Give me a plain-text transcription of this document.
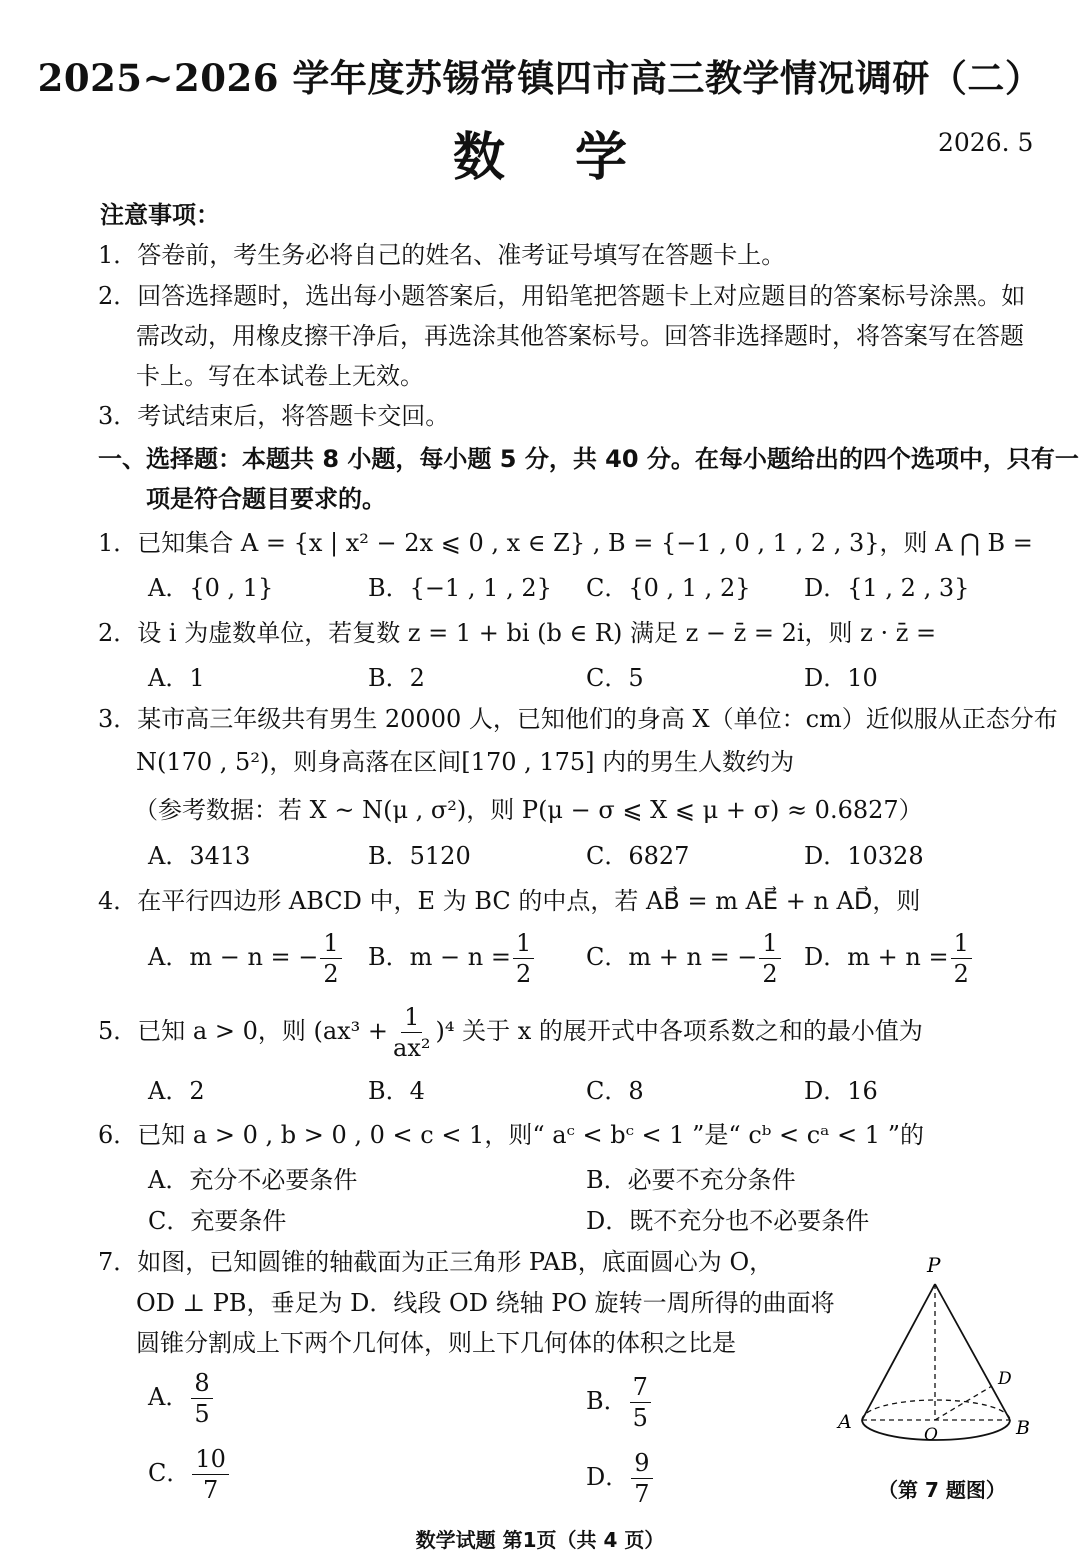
2025~2026 学年度苏锡常镇四市高三教学情况调研（二）
数学	2026. 5
注意事项：
1．答卷前，考生务必将自己的姓名、准考证号填写在答题卡上。
2．回答选择题时，选出每小题答案后，用铅笔把答题卡上对应题目的答案标号涂黑。如
需改动，用橡皮擦干净后，再选涂其他答案标号。回答非选择题时，将答案写在答题
卡上。写在本试卷上无效。
3．考试结束后，将答题卡交回。
一、选择题：本题共 8 小题，每小题 5 分，共 40 分。在每小题给出的四个选项中，只有一
项是符合题目要求的。
1．已知集合 A = {x | x² − 2x ⩽ 0 , x ∈ Z} , B = {−1 , 0 , 1 , 2 , 3}，则 A ⋂ B =
A．{0 , 1}	B．{−1 , 1 , 2} C．{0 , 1 , 2} D．{1 , 2 , 3}
2．设 i 为虚数单位，若复数 z = 1 + bi (b ∈ R) 满足 z − z̄ = 2i，则 z · z̄ =
A．1	B．2	C．5	D．10
3．某市高三年级共有男生 20000 人，已知他们的身高 X（单位：cm）近似服从正态分布
N(170 , 5²)，则身高落在区间[170 , 175] 内的男生人数约为
（参考数据：若 X ~ N(μ , σ²)，则 P(μ − σ ⩽ X ⩽ μ + σ) ≈ 0.6827）
A．3413	B．5120	C．6827	D．10328
4．在平行四边形 ABCD 中，E 为 BC 的中点，若 AB⃗ = m AE⃗ + n AD⃗，则
A．m − n = − $\frac{1}{2}$ B．$m - n = \frac{1}{2}$ C．m + n = − $\frac{1}{2}$ D．$m + n = \frac{1}{2}$
5．已知 a > 0，则 $(ax^3 + \frac{1}{\text{ax²}} )^4$ 关于 x 的展开式中各项系数之和的最小值为
A．2	B．4	C．8	D．16
6．已知 a > 0 , b > 0 , 0 < c < 1，则“ aᶜ < bᶜ < 1 ”是“ cᵇ < cᵃ < 1 ”的
A．充分不必要条件	B．必要不充分条件
C．充要条件	D．既不充分也不必要条件
7．如图，已知圆锥的轴截面为正三角形 PAB，底面圆心为 O，
OD ⊥ PB，垂足为 D．线段 OD 绕轴 PO 旋转一周所得的曲面将
圆锥分割成上下两个几何体，则上下几何体的体积之比是
A． $\frac{8}{5}$	B． $\frac{7}{5}$
C． $\frac{10}{7}$	D． $\frac{9}{7}$
P
A	B
O
D
（第 7 题图）
数学试题 第1页（共 4 页）
